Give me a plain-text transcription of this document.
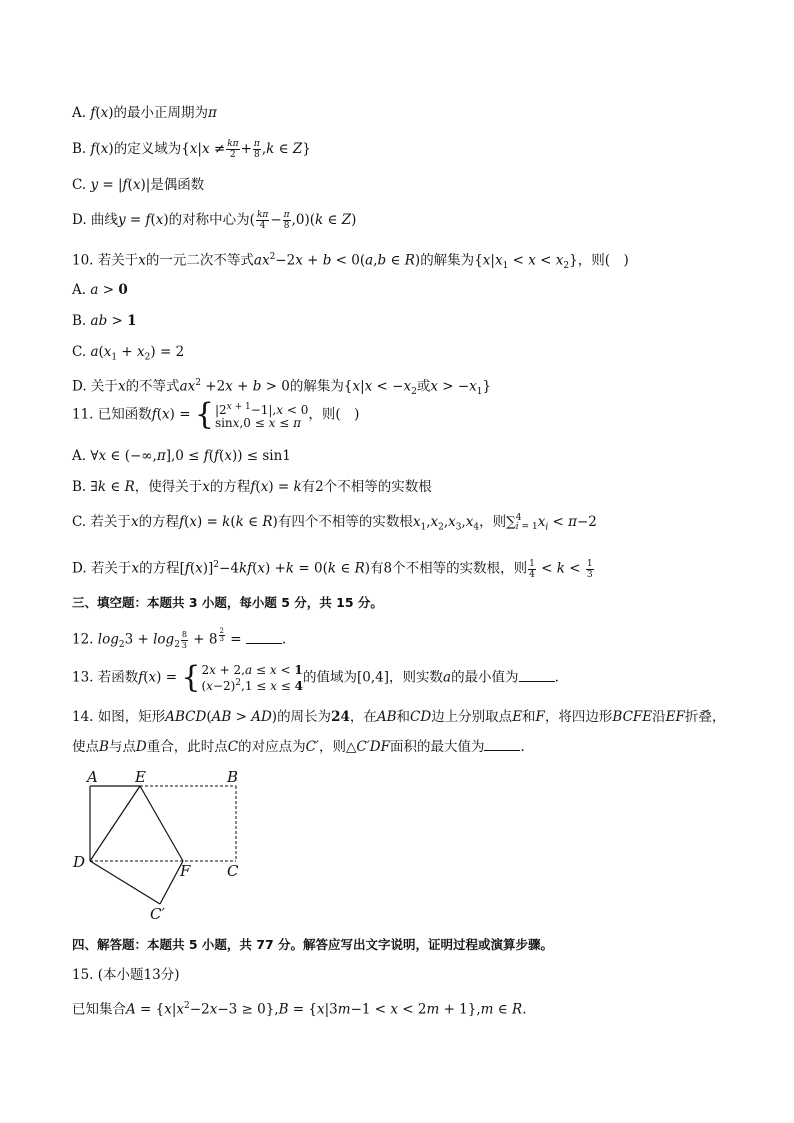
A. f(x)的最小正周期为π
B. f(x)的定义域为{$x|x \ne \frac{k\pi}{2} + \frac{\pi}{8} ,k$ ∈ Z}
C. y = |f(x)|是偶函数
D. 曲线y = f(x)的对称中心为( $\frac{k\pi}{4} - \frac{\pi}{8} ,0)(k$ ∈ Z)
10. 若关于x的一元二次不等式$ax^2-2x + b < 0(a,b$ ∈ R)的解集为$\{x|x_1 < x < x_2\}$，则(　)
A. a > 0
B. ab > 1
C. $a(x_1 + x_2) = 2$
D. 关于x的不等式$ax^2 +2x + b > 0$的解集为{$x|x < -x_2$或$x > -x_1$}
11. 已知函数f(x) = { $|2^{x + 1}-1|,x < 0$
sinx,0 ≤ x ≤ π ，则(　)
A. ∀x ∈ (−∞,π],0 ≤ f(f(x)) ≤ sin1
B. ∃k ∈ R，使得关于x的方程f(x) = k有2个不相等的实数根
C. 若关于x的方程f(x) = k(k ∈ R)有四个不相等的实数根$x_1,x_2,x_3,x_4$，则∑ 4
i = 1 $x_i < \pi-2$
D. 若关于x的方程$[f(x)]^2-4kf(x) +k = 0(k$ ∈ R)有8个不相等的实数根，则 $\frac{1}{4} < k < \frac{1}{3}$
三、填空题：本题共 3 小题，每小题 5 分，共 15 分。
12. $\log_23 + \log_2 \frac{8}{3} + 8$ $^{\frac{2}{3}}$ =	.
13. 若函数f(x) = { 2x + 2,a ≤ x < 1
$(x-2)^2,1 \le x \le 4$ 的值域为[0,4]，则实数a的最小值为	.
14. 如图，矩形ABCD(AB > AD)的周长为24，在AB和CD边上分别取点E和F，将四边形BCFE沿EF折叠，
使点B与点D重合，此时点C的对应点为C′，则△C′DF面积的最大值为	.
A E	B
D	F C
C′
四、解答题：本题共 5 小题，共 77 分。解答应写出文字说明，证明过程或演算步骤。
15. (本小题13分)
已知集合$A = \{x|x^2-2x-3 \ge 0\},B = \{x|3m-1 < x < 2m + 1\},m$ ∈ R.
